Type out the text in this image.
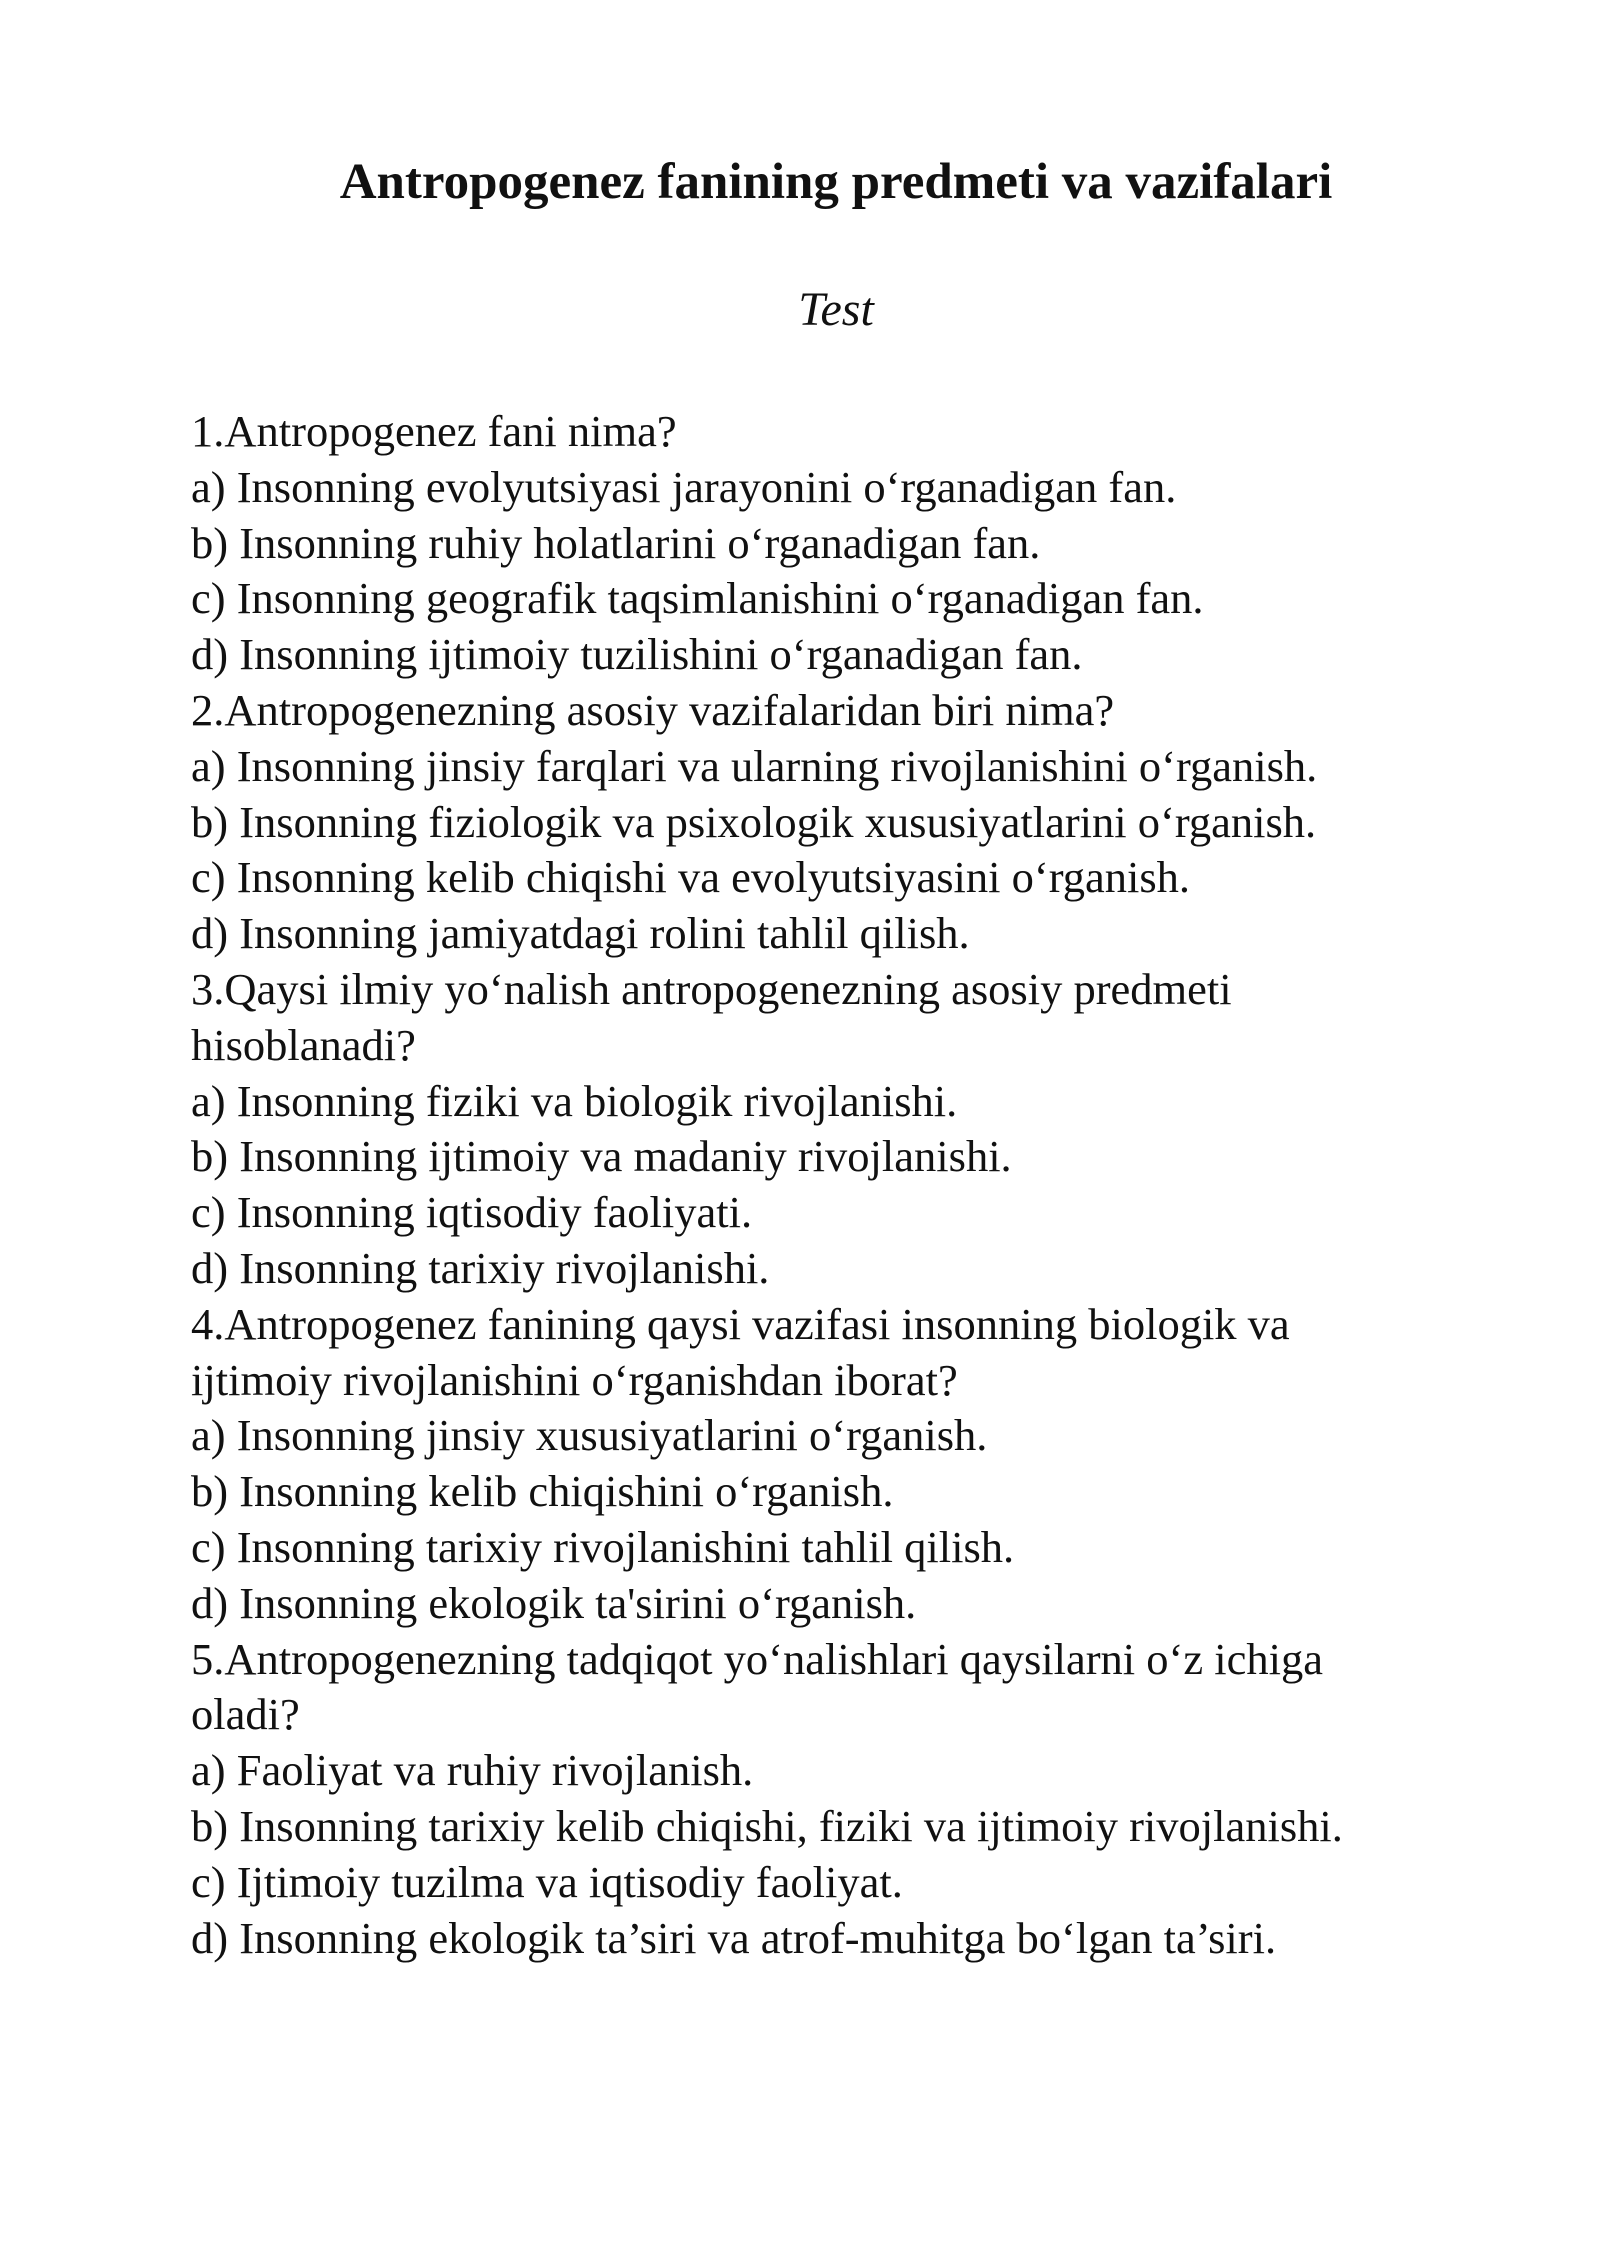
Antropogenez fanining predmeti va vazifalari
Test
1.Antropogenez fani nima?
a) Insonning evolyutsiyasi jarayonini o‘rganadigan fan.
b) Insonning ruhiy holatlarini o‘rganadigan fan.
c) Insonning geografik taqsimlanishini o‘rganadigan fan.
d) Insonning ijtimoiy tuzilishini o‘rganadigan fan.
2.Antropogenezning asosiy vazifalaridan biri nima?
a) Insonning jinsiy farqlari va ularning rivojlanishini o‘rganish.
b) Insonning fiziologik va psixologik xususiyatlarini o‘rganish.
c) Insonning kelib chiqishi va evolyutsiyasini o‘rganish.
d) Insonning jamiyatdagi rolini tahlil qilish.
3.Qaysi ilmiy yo‘nalish antropogenezning asosiy predmeti
hisoblanadi?
a) Insonning fiziki va biologik rivojlanishi.
b) Insonning ijtimoiy va madaniy rivojlanishi.
c) Insonning iqtisodiy faoliyati.
d) Insonning tarixiy rivojlanishi.
4.Antropogenez fanining qaysi vazifasi insonning biologik va
ijtimoiy rivojlanishini o‘rganishdan iborat?
a) Insonning jinsiy xususiyatlarini o‘rganish.
b) Insonning kelib chiqishini o‘rganish.
c) Insonning tarixiy rivojlanishini tahlil qilish.
d) Insonning ekologik ta'sirini o‘rganish.
5.Antropogenezning tadqiqot yo‘nalishlari qaysilarni o‘z ichiga
oladi?
a) Faoliyat va ruhiy rivojlanish.
b) Insonning tarixiy kelib chiqishi, fiziki va ijtimoiy rivojlanishi.
c) Ijtimoiy tuzilma va iqtisodiy faoliyat.
d) Insonning ekologik ta’siri va atrof-muhitga bo‘lgan ta’siri.
